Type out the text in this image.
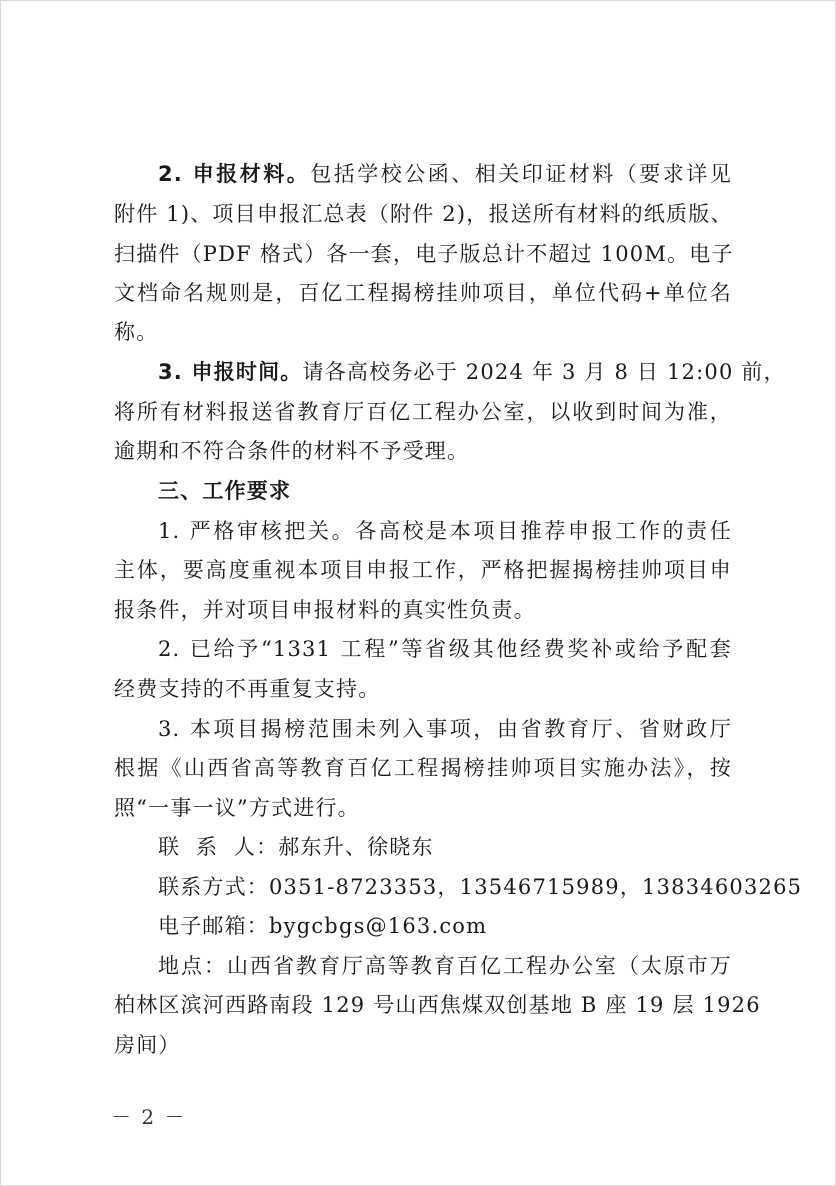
2. 申报材料。包括学校公函、相关印证材料（要求详见
附件 1)、项目申报汇总表（附件 2)，报送所有材料的纸质版、
扫描件（PDF 格式）各一套，电子版总计不超过 100M。电子
文档命名规则是，百亿工程揭榜挂帅项目，单位代码+单位名
称。
3. 申报时间。请各高校务必于 2024 年 3 月 8 日 12:00 前，
将所有材料报送省教育厅百亿工程办公室，以收到时间为准，
逾期和不符合条件的材料不予受理。
三、工作要求
1. 严格审核把关。各高校是本项目推荐申报工作的责任
主体，要高度重视本项目申报工作，严格把握揭榜挂帅项目申
报条件，并对项目申报材料的真实性负责。
2. 已给予“1331 工程”等省级其他经费奖补或给予配套
经费支持的不再重复支持。
3. 本项目揭榜范围未列入事项，由省教育厅、省财政厅
根据《山西省高等教育百亿工程揭榜挂帅项目实施办法》，按
照“一事一议”方式进行。
联  系  人：郝东升、徐晓东
联系方式：0351-8723353，13546715989，13834603265
电子邮箱：bygcbgs@163.com
地点：山西省教育厅高等教育百亿工程办公室（太原市万
柏林区滨河西路南段 129 号山西焦煤双创基地 B 座 19 层 1926
房间）
－ 2 －
